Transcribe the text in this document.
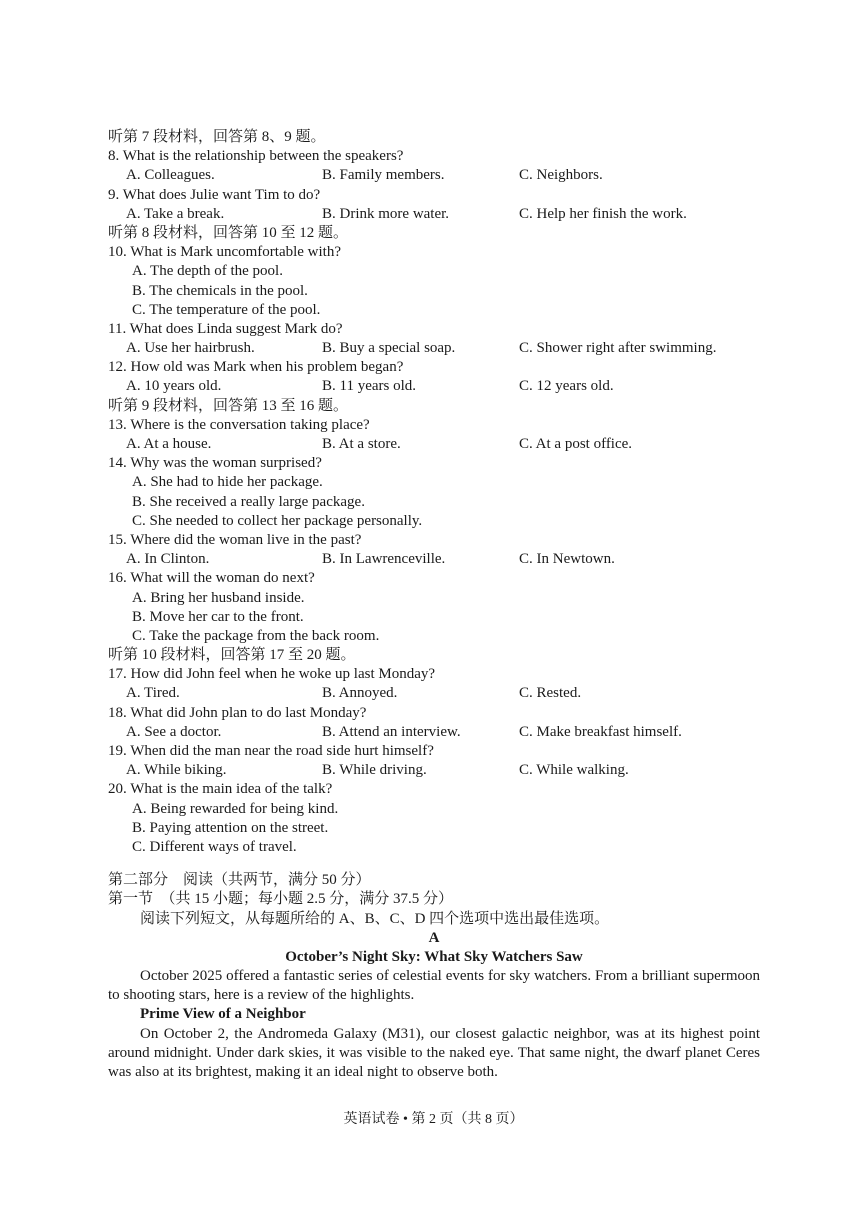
听第 7 段材料，回答第 8、9 题。
8. What is the relationship between the speakers?
A. Colleagues.	B. Family members.	C. Neighbors.
9. What does Julie want Tim to do?
A. Take a break.	B. Drink more water.	C. Help her finish the work.
听第 8 段材料，回答第 10 至 12 题。
10. What is Mark uncomfortable with?
A. The depth of the pool.
B. The chemicals in the pool.
C. The temperature of the pool.
11. What does Linda suggest Mark do?
A. Use her hairbrush.	B. Buy a special soap.	C. Shower right after swimming.
12. How old was Mark when his problem began?
A. 10 years old.	B. 11 years old.	C. 12 years old.
听第 9 段材料，回答第 13 至 16 题。
13. Where is the conversation taking place?
A. At a house.	B. At a store.	C. At a post office.
14. Why was the woman surprised?
A. She had to hide her package.
B. She received a really large package.
C. She needed to collect her package personally.
15. Where did the woman live in the past?
A. In Clinton.	B. In Lawrenceville.	C. In Newtown.
16. What will the woman do next?
A. Bring her husband inside.
B. Move her car to the front.
C. Take the package from the back room.
听第 10 段材料，回答第 17 至 20 题。
17. How did John feel when he woke up last Monday?
A. Tired.	B. Annoyed.	C. Rested.
18. What did John plan to do last Monday?
A. See a doctor.	B. Attend an interview.	C. Make breakfast himself.
19. When did the man near the road side hurt himself?
A. While biking.	B. While driving.	C. While walking.
20. What is the main idea of the talk?
A. Being rewarded for being kind.
B. Paying attention on the street.
C. Different ways of travel.
第二部分　阅读（共两节，满分 50 分）
第一节　（共 15 小题；每小题 2.5 分，满分 37.5 分）
阅读下列短文，从每题所给的 A、B、C、D 四个选项中选出最佳选项。
A
October’s Night Sky: What Sky Watchers Saw
October 2025 offered a fantastic series of celestial events for sky watchers. From a brilliant supermoon to shooting stars, here is a review of the highlights.
Prime View of a Neighbor
On October 2, the Andromeda Galaxy (M31), our closest galactic neighbor, was at its highest point around midnight. Under dark skies, it was visible to the naked eye. That same night, the dwarf planet Ceres was also at its brightest, making it an ideal night to observe both.
英语试卷 • 第 2 页（共 8 页）
